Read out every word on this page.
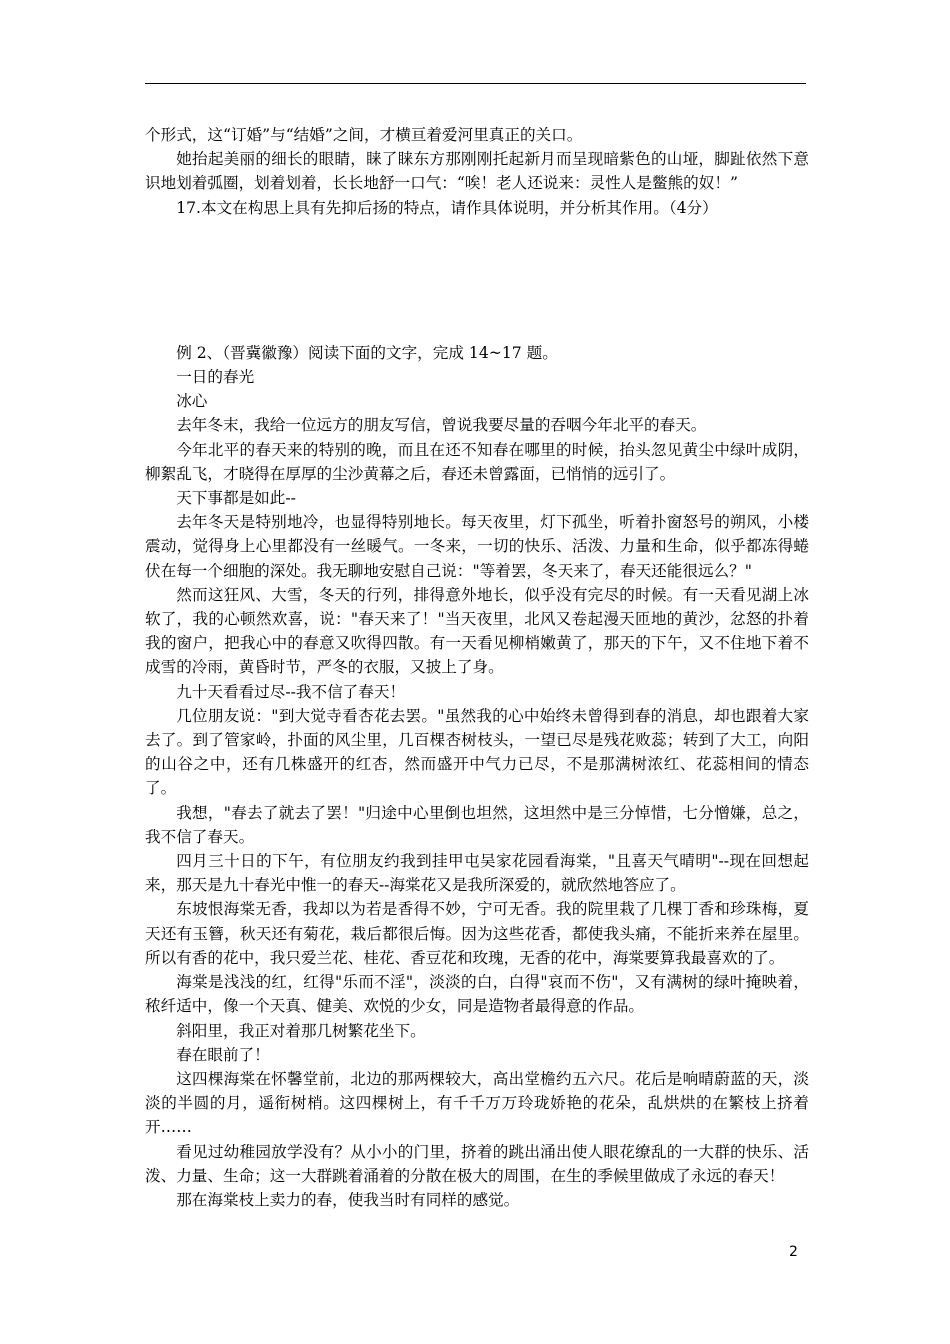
个形式，这“订婚”与“结婚”之间，才横亘着爱河里真正的关口。

她抬起美丽的细长的眼睛，睐了睐东方那刚刚托起新月而呈现暗紫色的山垭，脚趾依然下意识地划着弧圈，划着划着，长长地舒一口气：“唉！老人还说来：灵性人是鳖熊的奴！”

17.本文在构思上具有先抑后扬的特点，请作具体说明，并分析其作用。（4分）

例 2、（晋冀徽豫）阅读下面的文字，完成 14~17 题。

一日的春光

冰心

去年冬末，我给一位远方的朋友写信，曾说我要尽量的吞咽今年北平的春天。

今年北平的春天来的特别的晚，而且在还不知春在哪里的时候，抬头忽见黄尘中绿叶成阴，柳絮乱飞，才晓得在厚厚的尘沙黄幕之后，春还未曾露面，已悄悄的远引了。

天下事都是如此--

去年冬天是特别地冷，也显得特别地长。每天夜里，灯下孤坐，听着扑窗怒号的朔风，小楼震动，觉得身上心里都没有一丝暖气。一冬来，一切的快乐、活泼、力量和生命，似乎都冻得蜷伏在每一个细胞的深处。我无聊地安慰自己说："等着罢，冬天来了，春天还能很远么？"

然而这狂风、大雪，冬天的行列，排得意外地长，似乎没有完尽的时候。有一天看见湖上冰软了，我的心顿然欢喜，说："春天来了！"当天夜里，北风又卷起漫天匝地的黄沙，忿怒的扑着我的窗户，把我心中的春意又吹得四散。有一天看见柳梢嫩黄了，那天的下午，又不住地下着不成雪的冷雨，黄昏时节，严冬的衣服，又披上了身。

九十天看看过尽--我不信了春天！

几位朋友说："到大觉寺看杏花去罢。"虽然我的心中始终未曾得到春的消息，却也跟着大家去了。到了管家岭，扑面的风尘里，几百棵杏树枝头，一望已尽是残花败蕊；转到了大工，向阳的山谷之中，还有几株盛开的红杏，然而盛开中气力已尽，不是那满树浓红、花蕊相间的情态了。

我想，"春去了就去了罢！"归途中心里倒也坦然，这坦然中是三分悼惜，七分憎嫌，总之，我不信了春天。

四月三十日的下午，有位朋友约我到挂甲屯吴家花园看海棠，"且喜天气晴明"--现在回想起来，那天是九十春光中惟一的春天--海棠花又是我所深爱的，就欣然地答应了。

东坡恨海棠无香，我却以为若是香得不妙，宁可无香。我的院里栽了几棵丁香和珍珠梅，夏天还有玉簪，秋天还有菊花，栽后都很后悔。因为这些花香，都使我头痛，不能折来养在屋里。所以有香的花中，我只爱兰花、桂花、香豆花和玫瑰，无香的花中，海棠要算我最喜欢的了。

海棠是浅浅的红，红得"乐而不淫"，淡淡的白，白得"哀而不伤"，又有满树的绿叶掩映着，秾纤适中，像一个天真、健美、欢悦的少女，同是造物者最得意的作品。

斜阳里，我正对着那几树繁花坐下。

春在眼前了！

这四棵海棠在怀馨堂前，北边的那两棵较大，高出堂檐约五六尺。花后是响晴蔚蓝的天，淡淡的半圆的月，遥衔树梢。这四棵树上，有千千万万玲珑娇艳的花朵，乱烘烘的在繁枝上挤着开……

看见过幼稚园放学没有？从小小的门里，挤着的跳出涌出使人眼花缭乱的一大群的快乐、活泼、力量、生命；这一大群跳着涌着的分散在极大的周围，在生的季候里做成了永远的春天！

那在海棠枝上卖力的春，使我当时有同样的感觉。

2
